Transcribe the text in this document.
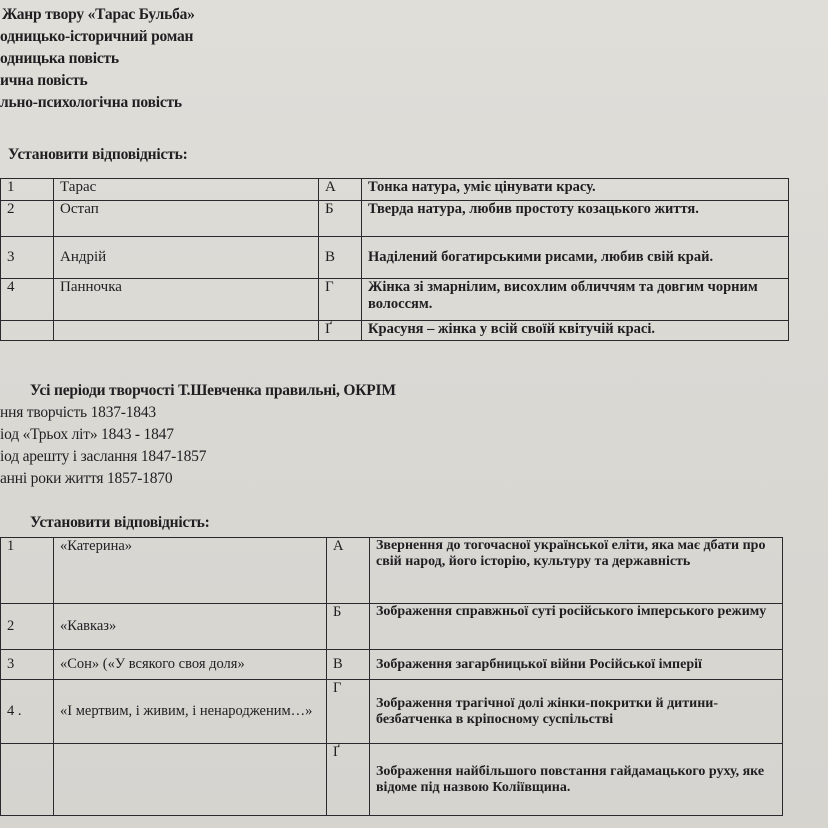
Жанр твору «Тарас Бульба»
одницько-історичний роман
одницька повість
ична повість
льно-психологічна повість
Установити відповідність:
1	Тарас	А	Тонка натура, уміє цінувати красу.
2	Остап	Б	Тверда натура, любив простоту козацького життя.
3	Андрій	В	Наділений богатирськими рисами, любив свій край.
4	Панночка	Г	Жінка зі змарнілим, висохлим обличчям та довгим чорним волоссям.
		Ґ	Красуня – жінка у всій своїй квітучій красі.
Усі періоди творчості Т.Шевченка правильні, ОКРІМ
ння творчість 1837-1843
іод «Трьох літ» 1843 - 1847
іод арешту і заслання 1847-1857
анні роки життя 1857-1870
Установити відповідність:
1	«Катерина»	А	Звернення до тогочасної української еліти, яка має дбати про свій народ, його історію, культуру та державність
2	«Кавказ»	Б	Зображення справжньої суті російського імперського режиму
3	«Сон» («У всякого своя доля»	В	Зображення загарбницької війни Російської імперії
4 .	«І мертвим, і живим, і ненародженим…»	Г	Зображення трагічної долі жінки-покритки й дитини-безбатченка в кріпосному суспільстві
		Ґ	Зображення найбільшого повстання гайдамацького руху, яке відоме під назвою Коліївщина.
